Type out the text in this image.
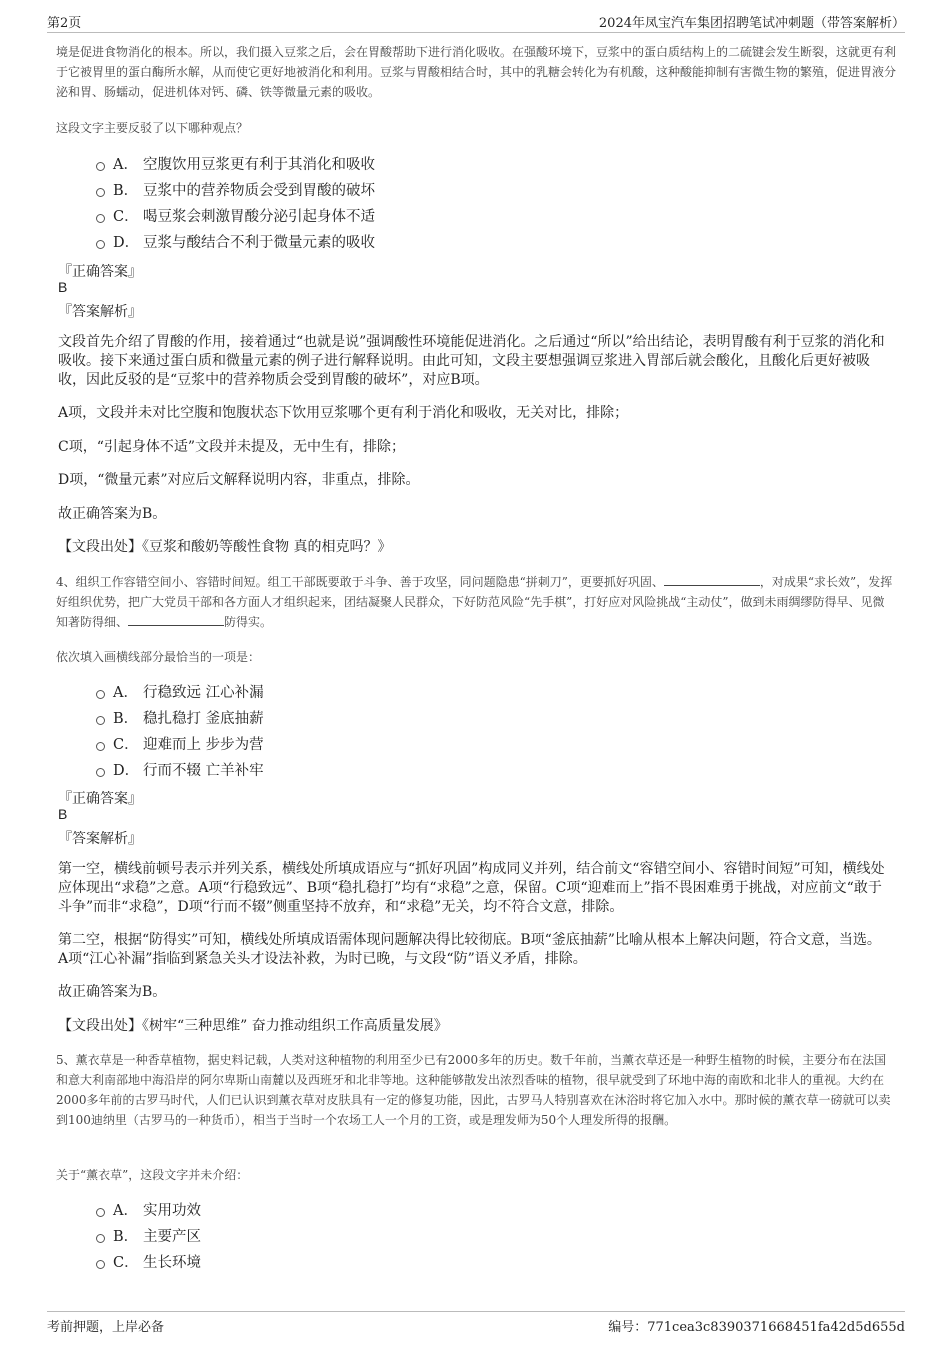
第2页	2024年凤宝汽车集团招聘笔试冲刺题（带答案解析）

境是促进食物消化的根本。所以，我们摄入豆浆之后，会在胃酸帮助下进行消化吸收。在强酸环境下，豆浆中的蛋白质结构上的二硫键会发生断裂，这就更有利于它被胃里的蛋白酶所水解，从而使它更好地被消化和利用。豆浆与胃酸相结合时，其中的乳糖会转化为有机酸，这种酸能抑制有害微生物的繁殖，促进胃液分泌和胃、肠蠕动，促进机体对钙、磷、铁等微量元素的吸收。

这段文字主要反驳了以下哪种观点？

A． 空腹饮用豆浆更有利于其消化和吸收
B． 豆浆中的营养物质会受到胃酸的破坏
C． 喝豆浆会刺激胃酸分泌引起身体不适
D． 豆浆与酸结合不利于微量元素的吸收

『正确答案』

B

『答案解析』

文段首先介绍了胃酸的作用，接着通过“也就是说”强调酸性环境能促进消化。之后通过“所以”给出结论，表明胃酸有利于豆浆的消化和吸收。接下来通过蛋白质和微量元素的例子进行解释说明。由此可知，文段主要想强调豆浆进入胃部后就会酸化，且酸化后更好被吸收，因此反驳的是“豆浆中的营养物质会受到胃酸的破坏”，对应B项。

A项，文段并未对比空腹和饱腹状态下饮用豆浆哪个更有利于消化和吸收，无关对比，排除；

C项，“引起身体不适”文段并未提及，无中生有，排除；

D项，“微量元素”对应后文解释说明内容，非重点，排除。

故正确答案为B。

【文段出处】《豆浆和酸奶等酸性食物 真的相克吗？》

4、组织工作容错空间小、容错时间短。组工干部既要敢于斗争、善于攻坚，同问题隐患“拼刺刀”，更要抓好巩固、	，对成果“求长效”，发挥好组织优势，把广大党员干部和各方面人才组织起来，团结凝聚人民群众，下好防范风险“先手棋”，打好应对风险挑战“主动仗”，做到未雨绸缪防得早、见微知著防得细、	防得实。

依次填入画横线部分最恰当的一项是：

A． 行稳致远 江心补漏
B． 稳扎稳打 釜底抽薪
C． 迎难而上 步步为营
D． 行而不辍 亡羊补牢

『正确答案』

B

『答案解析』

第一空，横线前顿号表示并列关系，横线处所填成语应与“抓好巩固”构成同义并列，结合前文“容错空间小、容错时间短”可知，横线处应体现出“求稳”之意。A项“行稳致远”、B项“稳扎稳打”均有“求稳”之意，保留。C项“迎难而上”指不畏困难勇于挑战，对应前文“敢于斗争”而非“求稳”，D项“行而不辍”侧重坚持不放弃，和“求稳”无关，均不符合文意，排除。

第二空，根据“防得实”可知，横线处所填成语需体现问题解决得比较彻底。B项“釜底抽薪”比喻从根本上解决问题，符合文意，当选。A项“江心补漏”指临到紧急关头才设法补救，为时已晚，与文段“防”语义矛盾，排除。

故正确答案为B。

【文段出处】《树牢“三种思维” 奋力推动组织工作高质量发展》

5、薰衣草是一种香草植物，据史料记载，人类对这种植物的利用至少已有2000多年的历史。数千年前，当薰衣草还是一种野生植物的时候，主要分布在法国和意大利南部地中海沿岸的阿尔卑斯山南麓以及西班牙和北非等地。这种能够散发出浓烈香味的植物，很早就受到了环地中海的南欧和北非人的重视。大约在2000多年前的古罗马时代，人们已认识到薰衣草对皮肤具有一定的修复功能，因此，古罗马人特别喜欢在沐浴时将它加入水中。那时候的薰衣草一磅就可以卖到100迪纳里（古罗马的一种货币），相当于当时一个农场工人一个月的工资，或是理发师为50个人理发所得的报酬。

关于“薰衣草”，这段文字并未介绍：

A． 实用功效
B． 主要产区
C． 生长环境
考前押题，上岸必备	编号：771cea3c8390371668451fa42d5d655d
